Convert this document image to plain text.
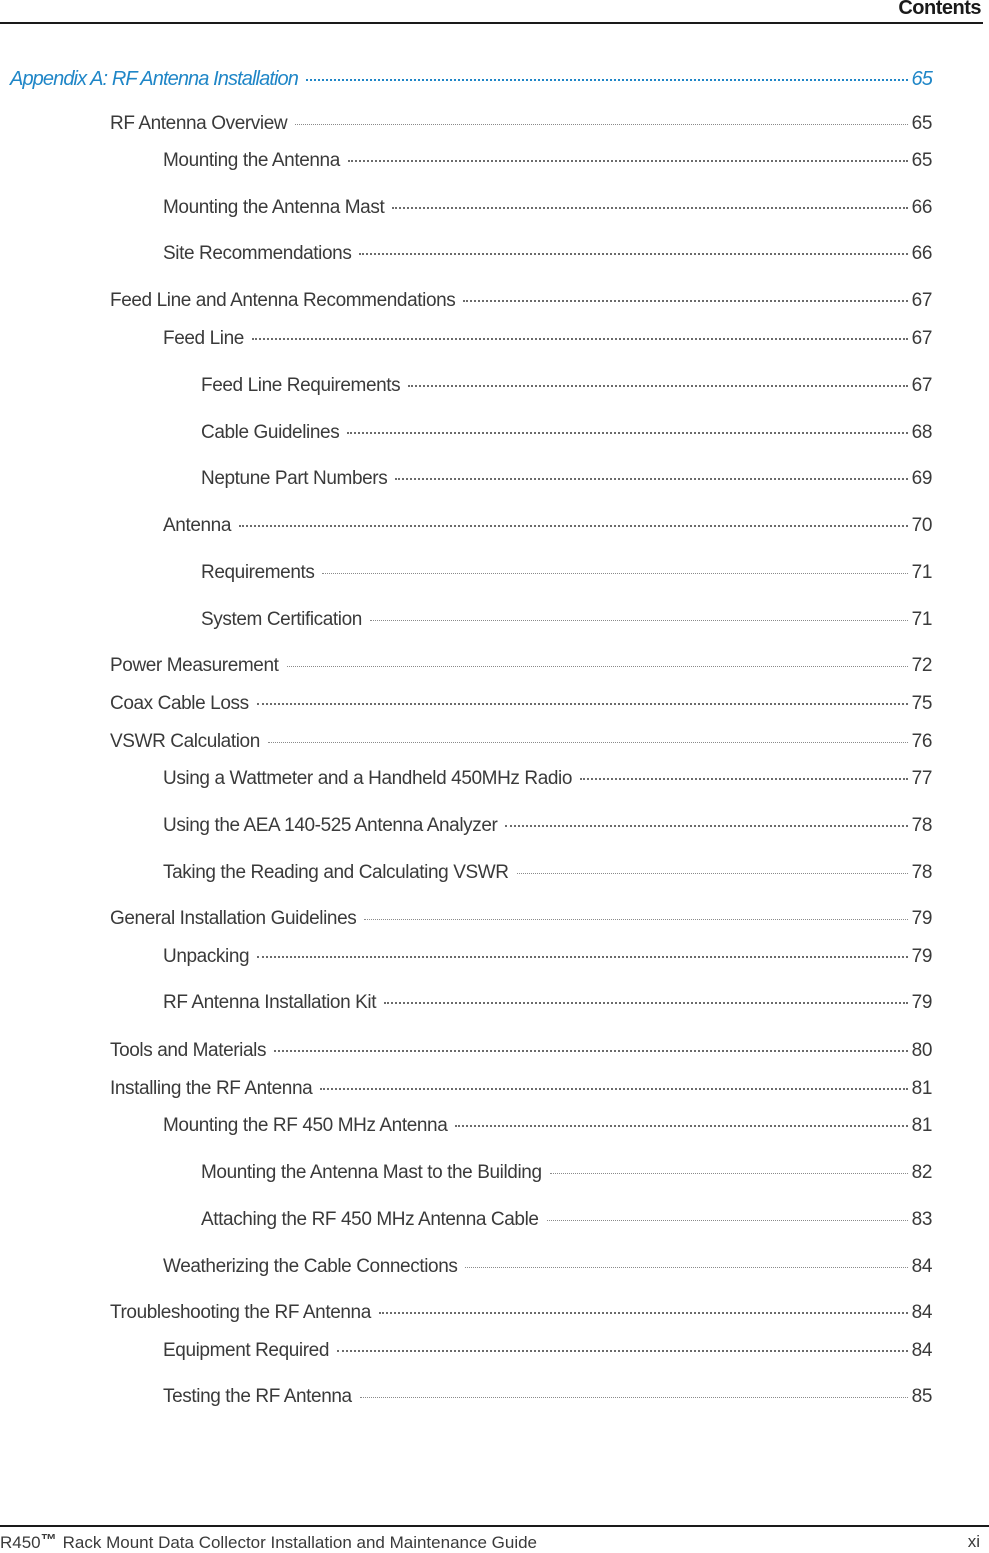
Contents
Appendix A: RF Antenna Installation	65
RF Antenna Overview	65
Mounting the Antenna	65
Mounting the Antenna Mast	66
Site Recommendations	66
Feed Line and Antenna Recommendations	67
Feed Line	67
Feed Line Requirements	67
Cable Guidelines	68
Neptune Part Numbers	69
Antenna	70
Requirements	71
System Certification	71
Power Measurement	72
Coax Cable Loss	75
VSWR Calculation	76
Using a Wattmeter and a Handheld 450MHz Radio	77
Using the AEA 140-525 Antenna Analyzer	78
Taking the Reading and Calculating VSWR	78
General Installation Guidelines	79
Unpacking	79
RF Antenna Installation Kit	79
Tools and Materials	80
Installing the RF Antenna	81
Mounting the RF 450 MHz Antenna	81
Mounting the Antenna Mast to the Building	82
Attaching the RF 450 MHz Antenna Cable	83
Weatherizing the Cable Connections	84
Troubleshooting the RF Antenna	84
Equipment Required	84
Testing the RF Antenna	85
R450™ Rack Mount Data Collector Installation and Maintenance Guide	xi
